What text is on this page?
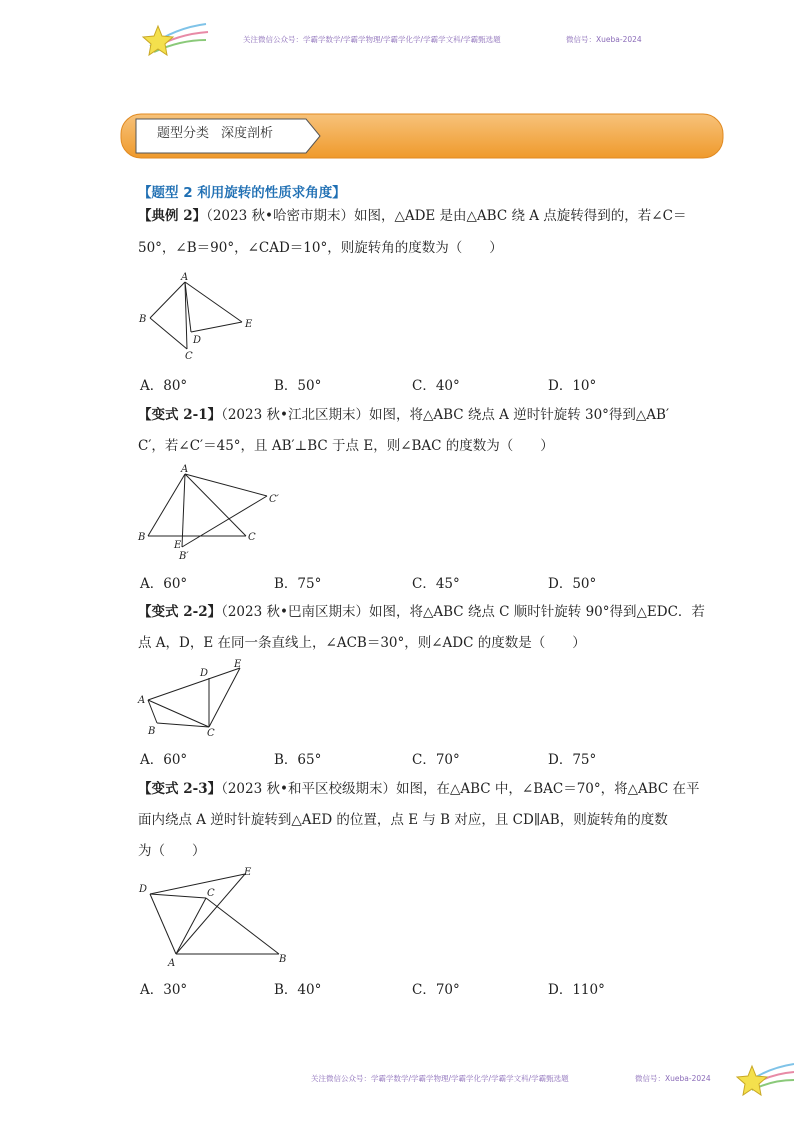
关注微信公众号：学霸学数学/学霸学物理/学霸学化学/学霸学文科/学霸甄选题	微信号：Xueba-2024
题型分类 深度剖析
【题型 2 利用旋转的性质求角度】
【典例 2】（2023 秋•哈密市期末）如图，△ADE 是由△ABC 绕 A 点旋转得到的，若∠C＝
50°，∠B＝90°，∠CAD＝10°，则旋转角的度数为（　　）
A
B
C
D
E
A．80°	B．50°	C．40°	D．10°
【变式 2-1】（2023 秋•江北区期末）如图，将△ABC 绕点 A 逆时针旋转 30°得到△AB′
C′，若∠C′＝45°，且 AB′⊥BC 于点 E，则∠BAC 的度数为（　　）
A
C′
B
E
C
B′
A．60°	B．75°	C．45°	D．50°
【变式 2-2】（2023 秋•巴南区期末）如图，将△ABC 绕点 C 顺时针旋转 90°得到△EDC．若
点 A，D，E 在同一条直线上，∠ACB＝30°，则∠ADC 的度数是（　　）
D
E
A
B	C
A．60°	B．65°	C．70°	D．75°
【变式 2-3】（2023 秋•和平区校级期末）如图，在△ABC 中，∠BAC＝70°，将△ABC 在平
面内绕点 A 逆时针旋转到△AED 的位置，点 E 与 B 对应，且 CD∥AB，则旋转角的度数
为（　　）
D
E
C
A	B
A．30°	B．40°	C．70°	D．110°
关注微信公众号：学霸学数学/学霸学物理/学霸学化学/学霸学文科/学霸甄选题	微信号：Xueba-2024
